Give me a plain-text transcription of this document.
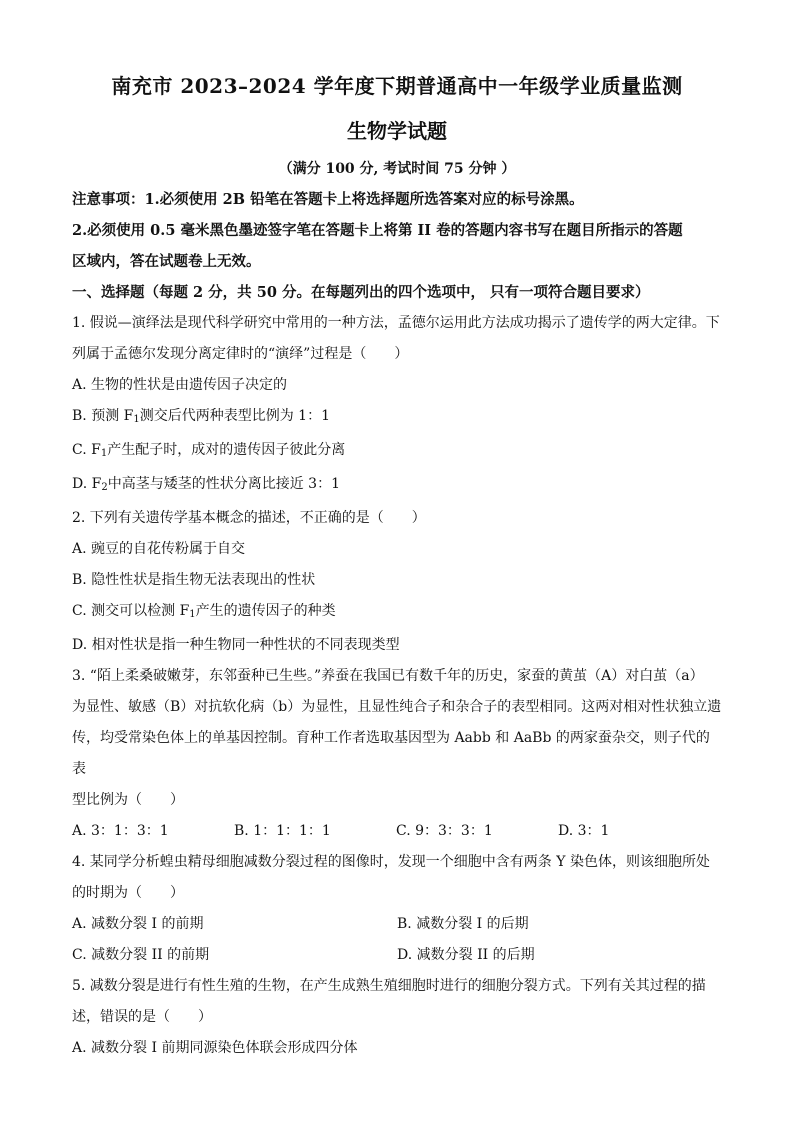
南充市 2023–2024 学年度下期普通高中一年级学业质量监测
生物学试题
（满分 100 分, 考试时间 75 分钟 ）
注意事项：1.必须使用 2B 铅笔在答题卡上将选择题所选答案对应的标号涂黑。
2.必须使用 0.5 毫米黑色墨迹签字笔在答题卡上将第 II 卷的答题内容书写在题目所指示的答题
区域内，答在试题卷上无效。
一、选择题（每题 2 分，共 50 分。在每题列出的四个选项中， 只有一项符合题目要求）
1. 假说—演绎法是现代科学研究中常用的一种方法，孟德尔运用此方法成功揭示了遗传学的两大定律。下
列属于孟德尔发现分离定律时的“演绎”过程是（　　）
A. 生物的性状是由遗传因子决定的
B. 预测 $F_1$测交后代两种表型比例为 1：1
C. $F_1$产生配子时，成对的遗传因子彼此分离
D. $F_2$中高茎与矮茎的性状分离比接近 3：1
2. 下列有关遗传学基本概念的描述，不正确的是（　　）
A. 豌豆的自花传粉属于自交
B. 隐性性状是指生物无法表现出的性状
C. 测交可以检测 $F_1$产生的遗传因子的种类
D. 相对性状是指一种生物同一种性状的不同表现类型
3. “陌上柔桑破嫩芽，东邻蚕种已生些。”养蚕在我国已有数千年的历史，家蚕的黄茧（A）对白茧（a）
为显性、敏感（B）对抗软化病（b）为显性，且显性纯合子和杂合子的表型相同。这两对相对性状独立遗
传，均受常染色体上的单基因控制。育种工作者选取基因型为 Aabb 和 AaBb 的两家蚕杂交，则子代的表
型比例为（　　）
A. 3：1：3：1	B. 1：1：1：1	C. 9：3：3：1	D. 3：1
4. 某同学分析蝗虫精母细胞减数分裂过程的图像时，发现一个细胞中含有两条 Y 染色体，则该细胞所处
的时期为（　　）
A. 减数分裂 I 的前期	B. 减数分裂 I 的后期
C. 减数分裂 II 的前期	D. 减数分裂 II 的后期
5. 减数分裂是进行有性生殖的生物，在产生成熟生殖细胞时进行的细胞分裂方式。下列有关其过程的描
述，错误的是（　　）
A. 减数分裂 I 前期同源染色体联会形成四分体
